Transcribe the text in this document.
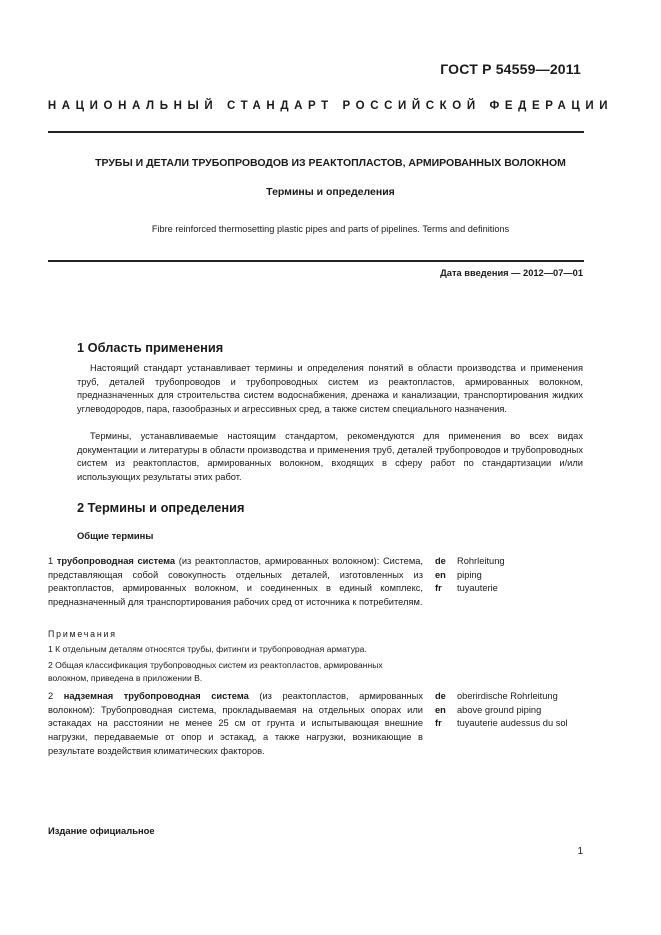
ГОСТ Р 54559—2011
НАЦИОНАЛЬНЫЙ СТАНДАРТ РОССИЙСКОЙ ФЕДЕРАЦИИ
ТРУБЫ И ДЕТАЛИ ТРУБОПРОВОДОВ ИЗ РЕАКТОПЛАСТОВ, АРМИРОВАННЫХ ВОЛОКНОМ
Термины и определения
Fibre reinforced thermosetting plastic pipes and parts of pipelines. Terms and definitions
Дата введения — 2012—07—01
1 Область применения
Настоящий стандарт устанавливает термины и определения понятий в области производства и применения труб, деталей трубопроводов и трубопроводных систем из реактопластов, армированных волокном, предназначенных для строительства систем водоснабжения, дренажа и канализации, транспортирования жидких углеводородов, пара, газообразных и агрессивных сред, а также систем специального назначения.
Термины, устанавливаемые настоящим стандартом, рекомендуются для применения во всех видах документации и литературы в области производства и применения труб, деталей трубопроводов и трубопроводных систем из реактопластов, армированных волокном, входящих в сферу работ по стандартизации и/или использующих результаты этих работ.
2 Термины и определения
Общие термины
1 трубопроводная система (из реактопластов, армированных волокном): Система, представляющая собой совокупность отдельных деталей, изготовленных из реактопластов, армированных волокном, и соединенных в единый комплекс, предназначенный для транспортирования рабочих сред от источника к потребителям.
de	Rohrleitung
en	piping
fr	tuyauterie
Примечания
1 К отдельным деталям относятся трубы, фитинги и трубопроводная арматура.
2 Общая классификация трубопроводных систем из реактопластов, армированных волокном, приведена в приложении В.
2 надземная трубопроводная система (из реактопластов, армированных волокном): Трубопроводная система, прокладываемая на отдельных опорах или эстакадах на расстоянии не менее 25 см от грунта и испытывающая внешние нагрузки, передаваемые от опор и эстакад, а также нагрузки, возникающие в результате воздействия климатических факторов.
de	oberirdische Rohrleitung
en	above ground piping
fr	tuyauterie audessus du sol
Издание официальное
1
